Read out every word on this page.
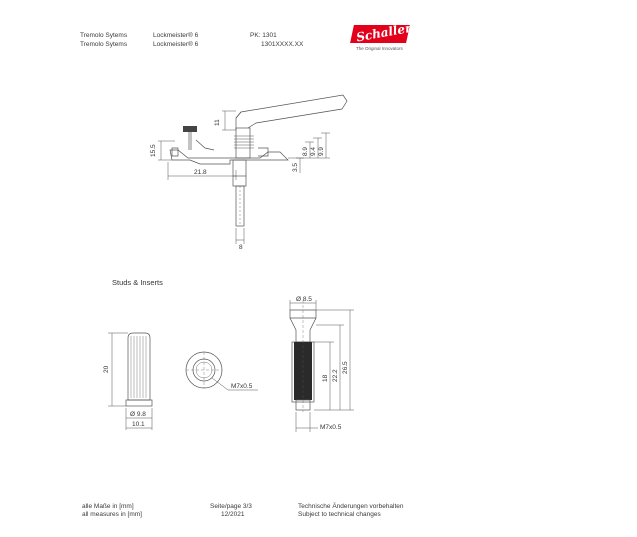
Tremolo Sytems
Tremolo Sytems
Lockmeister® 6
Lockmeister® 6
PK: 1301
1301XXXX.XX
Schaller
The Original Innovators
11
15.5
21.8
3.5
8.9 9.4 9.9
8
20
Ø 9.8
10.1
M7x0.5
Ø 8.5
18 22.2
26.5
M7x0.5
Studs & Inserts
alle Maße in [mm]
all measures in [mm]
Seite/page 3/3
12/2021
Technische Änderungen vorbehalten
Subject to technical changes
